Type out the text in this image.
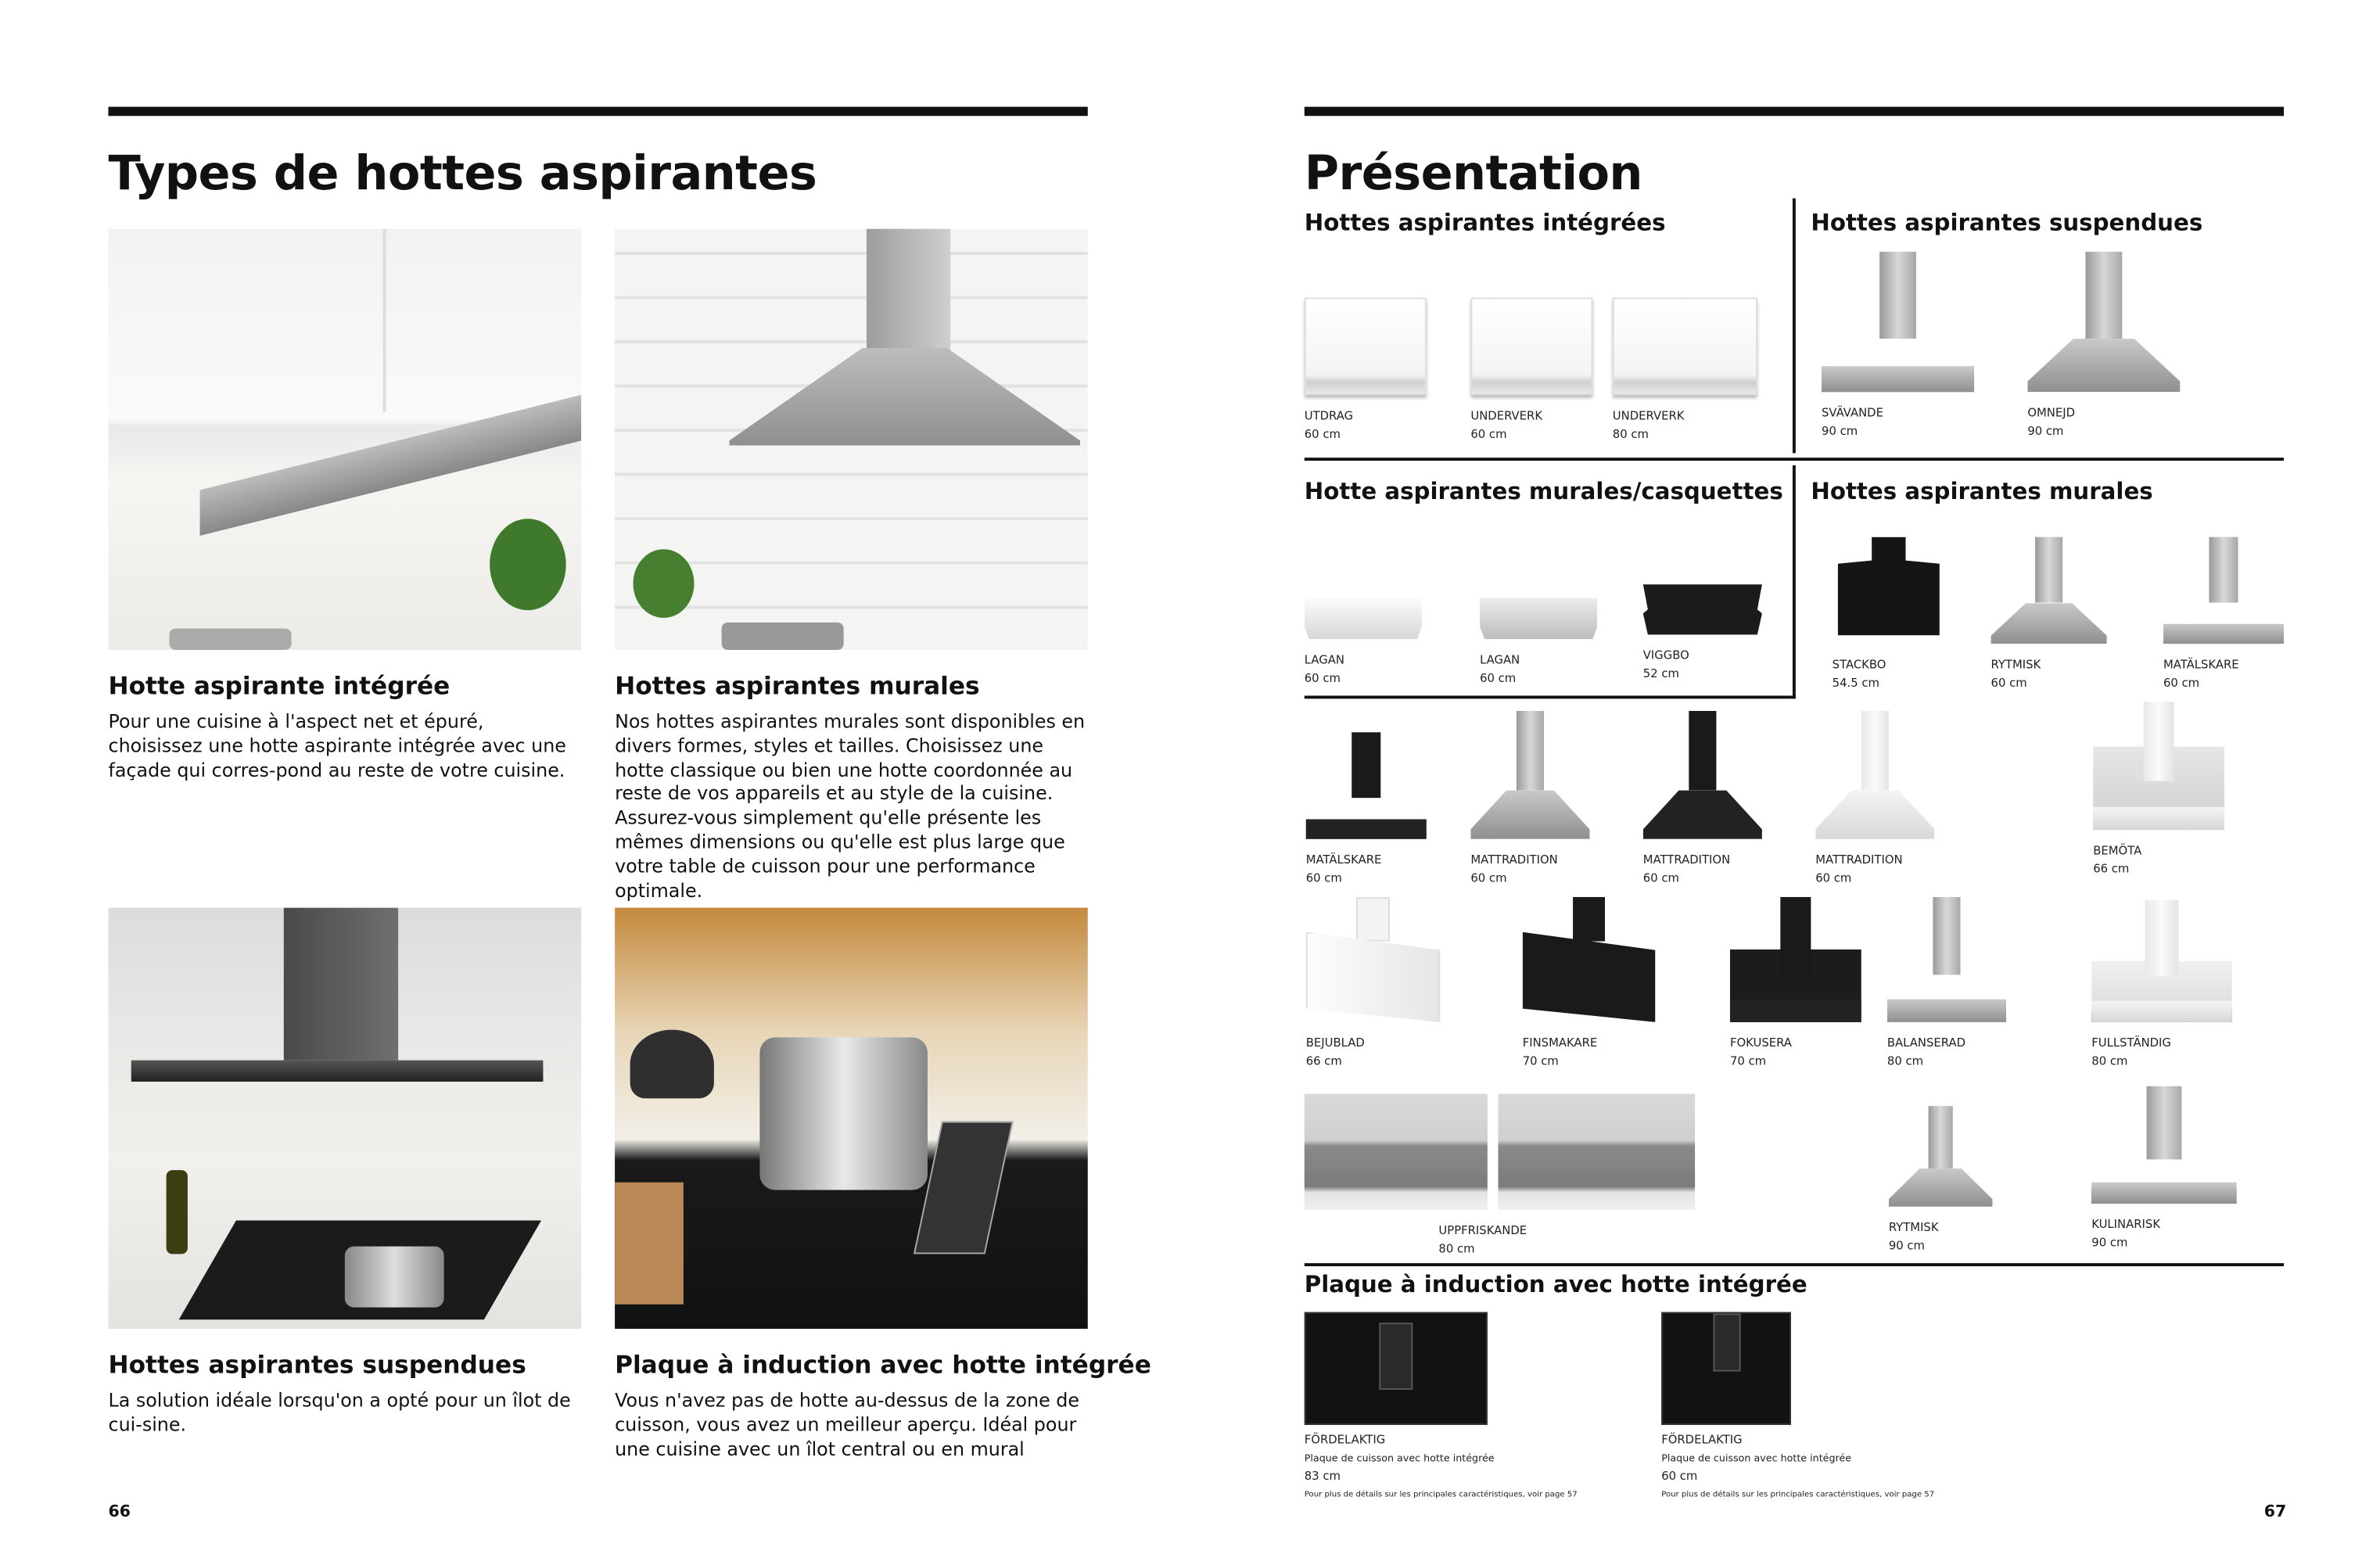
Types de hottes aspirantes
Hotte aspirante intégrée

Pour une cuisine à l'aspect net et épuré, choisissez une hotte aspirante intégrée avec une façade qui corres-pond au reste de votre cuisine.

Hottes aspirantes murales

Nos hottes aspirantes murales sont disponibles en divers formes, styles et tailles. Choisissez une hotte classique ou bien une hotte coordonnée au reste de vos appareils et au style de la cuisine. Assurez-vous simplement qu'elle présente les mêmes dimensions ou qu'elle est plus large que votre table de cuisson pour une performance optimale.

Hottes aspirantes suspendues

La solution idéale lorsqu'on a opté pour un îlot de cui-sine.

Plaque à induction avec hotte intégrée

Vous n'avez pas de hotte au-dessus de la zone de cuisson, vous avez un meilleur aperçu. Idéal pour une cuisine avec un îlot central ou en mural

66
Présentation
Hottes aspirantes intégrées	Hottes aspirantes suspendues
Hotte aspirantes murales/casquettes Hottes aspirantes murales
UTDRAG
60 cm
UNDERVERK
60 cm
UNDERVERK
80 cm
SVÄVANDE
90 cm
OMNEJD
90 cm
LAGAN
60 cm
LAGAN
60 cm
VIGGBO
52 cm
STACKBO
54.5 cm
RYTMISK
60 cm
MATÄLSKARE
60 cm
MATÄLSKARE
60 cm
MATTRADITION
60 cm
MATTRADITION
60 cm
MATTRADITION
60 cm
BEMÖTA
66 cm
BEJUBLAD
66 cm
FINSMAKARE
70 cm
FOKUSERA
70 cm
BALANSERAD
80 cm
FULLSTÄNDIG
80 cm
UPPFRISKANDE
80 cm
RYTMISK
90 cm
KULINARISK
90 cm
Plaque à induction avec hotte intégrée
FÖRDELAKTIG
Plaque de cuisson avec hotte intégrée
83 cm
Pour plus de détails sur les principales caractéristiques, voir page 57
FÖRDELAKTIG
Plaque de cuisson avec hotte intégrée
60 cm
Pour plus de détails sur les principales caractéristiques, voir page 57
67
